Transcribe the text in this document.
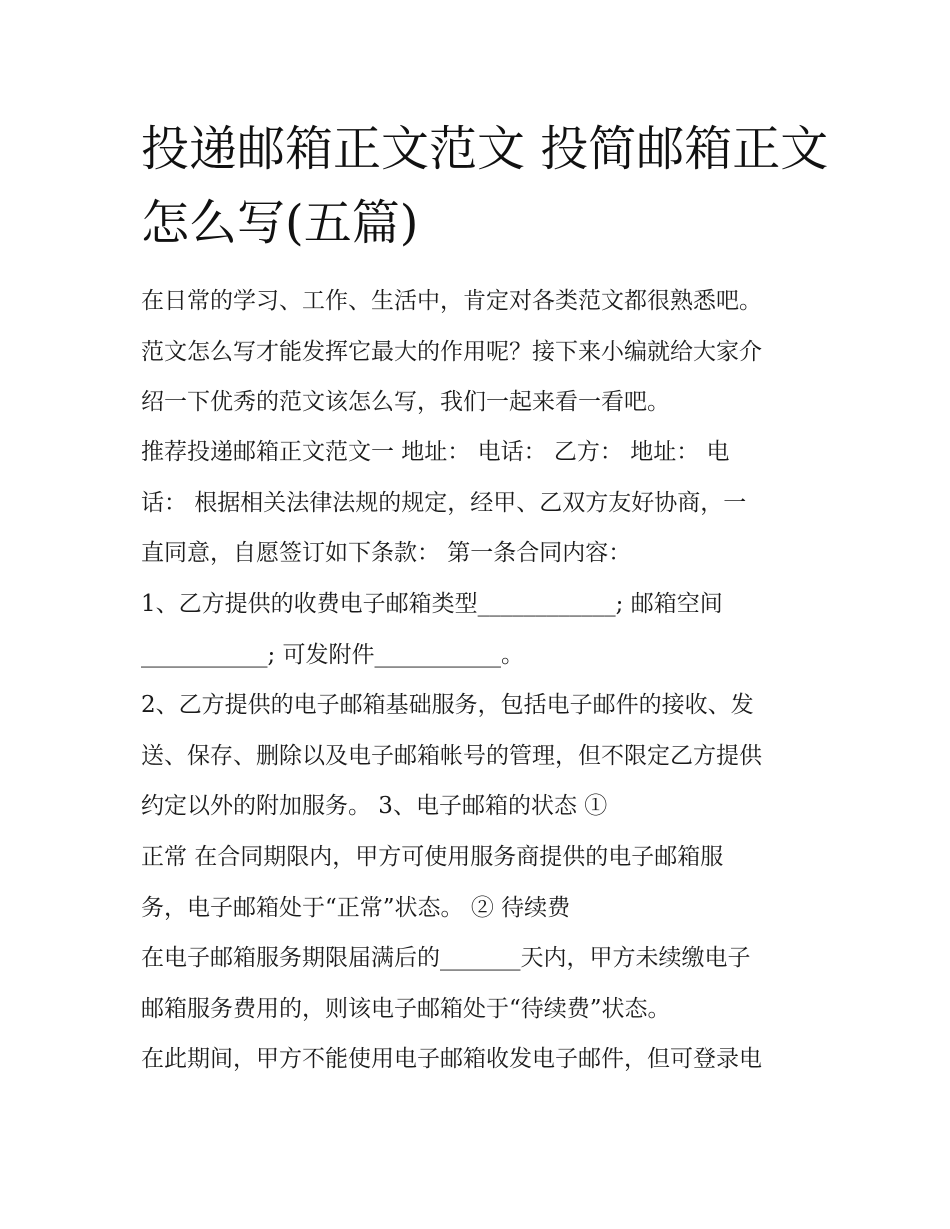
投递邮箱正文范文 投简邮箱正文怎么写(五篇)

在日常的学习、工作、生活中，肯定对各类范文都很熟悉吧。

范文怎么写才能发挥它最大的作用呢？接下来小编就给大家介

绍一下优秀的范文该怎么写，我们一起来看一看吧。

推荐投递邮箱正文范文一 地址： 电话： 乙方： 地址： 电

话： 根据相关法律法规的规定，经甲、乙双方友好协商，一

直同意，自愿签订如下条款： 第一条合同内容：

1、乙方提供的收费电子邮箱类型____________; 邮箱空间

___________; 可发附件___________。

2、乙方提供的电子邮箱基础服务，包括电子邮件的接收、发

送、保存、删除以及电子邮箱帐号的管理，但不限定乙方提供

约定以外的附加服务。 3、电子邮箱的状态 ①

正常 在合同期限内，甲方可使用服务商提供的电子邮箱服

务，电子邮箱处于“正常”状态。 ② 待续费

在电子邮箱服务期限届满后的_______天内，甲方未续缴电子

邮箱服务费用的，则该电子邮箱处于“待续费”状态。

在此期间，甲方不能使用电子邮箱收发电子邮件，但可登录电
